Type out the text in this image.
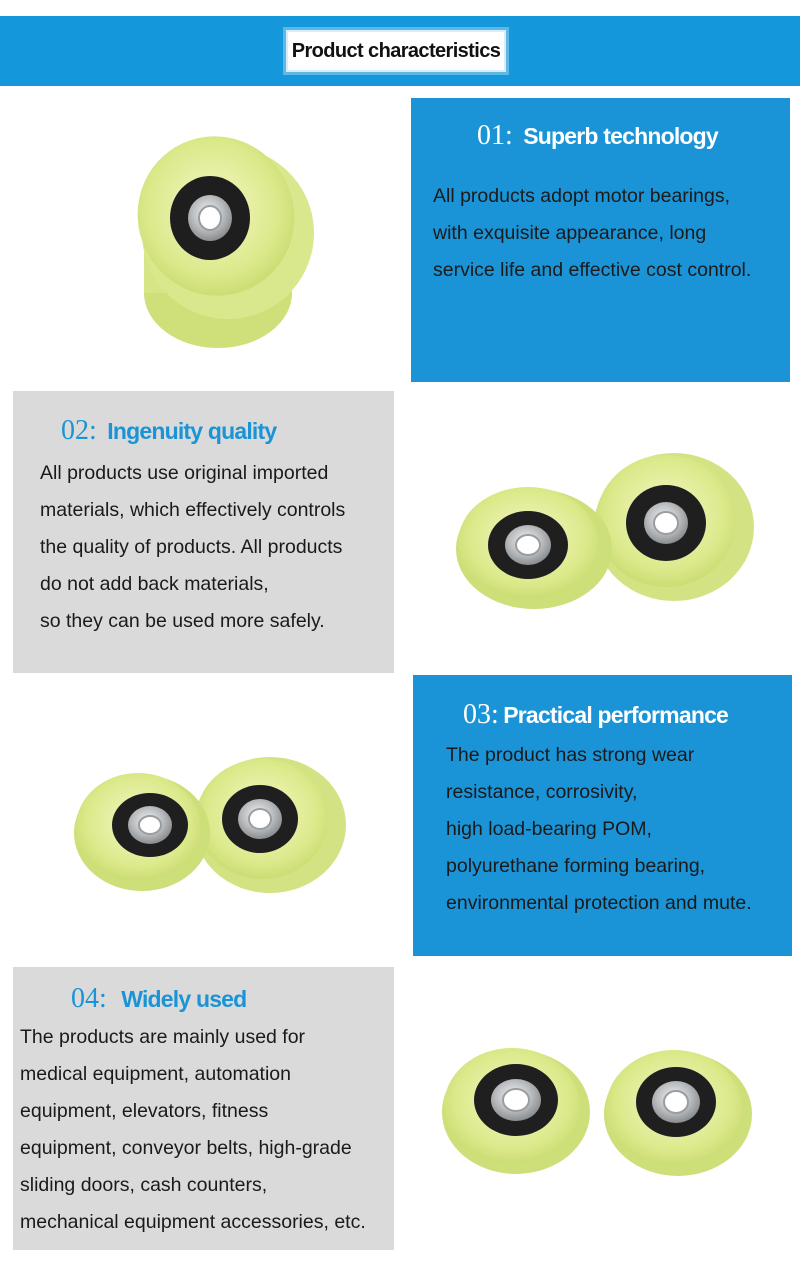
Product characteristics
01: Superb technology
All products adopt motor bearings,
with exquisite appearance, long
service life and effective cost control.
02: Ingenuity quality
All products use original imported
materials, which effectively controls
the quality of products. All products
do not add back materials,
so they can be used more safely.
03: Practical performance
The product has strong wear
resistance, corrosivity,
high load-bearing POM,
polyurethane forming bearing,
environmental protection and mute.
04: Widely used
The products are mainly used for
medical equipment, automation
equipment, elevators, fitness
equipment, conveyor belts, high-grade
sliding doors, cash counters,
mechanical equipment accessories, etc.
